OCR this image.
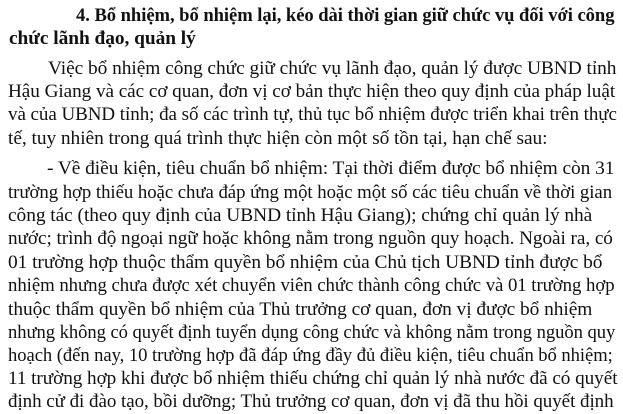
4. Bổ nhiệm, bổ nhiệm lại, kéo dài thời gian giữ chức vụ đối với công
chức lãnh đạo, quản lý
Việc bổ nhiệm công chức giữ chức vụ lãnh đạo, quản lý được UBND tỉnh
Hậu Giang và các cơ quan, đơn vị cơ bản thực hiện theo quy định của pháp luật
và của UBND tỉnh; đa số các trình tự, thủ tục bổ nhiệm được triển khai trên thực
tế, tuy nhiên trong quá trình thực hiện còn một số tồn tại, hạn chế sau:
- Về điều kiện, tiêu chuẩn bổ nhiệm: Tại thời điểm được bổ nhiệm còn 31
trường hợp thiếu hoặc chưa đáp ứng một hoặc một số các tiêu chuẩn về thời gian
công tác (theo quy định của UBND tỉnh Hậu Giang); chứng chỉ quản lý nhà
nước; trình độ ngoại ngữ hoặc không nằm trong nguồn quy hoạch. Ngoài ra, có
01 trường hợp thuộc thẩm quyền bổ nhiệm của Chủ tịch UBND tỉnh được bổ
nhiệm nhưng chưa được xét chuyển viên chức thành công chức và 01 trường hợp
thuộc thẩm quyền bổ nhiệm của Thủ trưởng cơ quan, đơn vị được bổ nhiệm
nhưng không có quyết định tuyển dụng công chức và không nằm trong nguồn quy
hoạch (đến nay, 10 trường hợp đã đáp ứng đầy đủ điều kiện, tiêu chuẩn bổ nhiệm;
11 trường hợp khi được bổ nhiệm thiếu chứng chỉ quản lý nhà nước đã có quyết
định cử đi đào tạo, bồi dưỡng; Thủ trưởng cơ quan, đơn vị đã thu hồi quyết định
